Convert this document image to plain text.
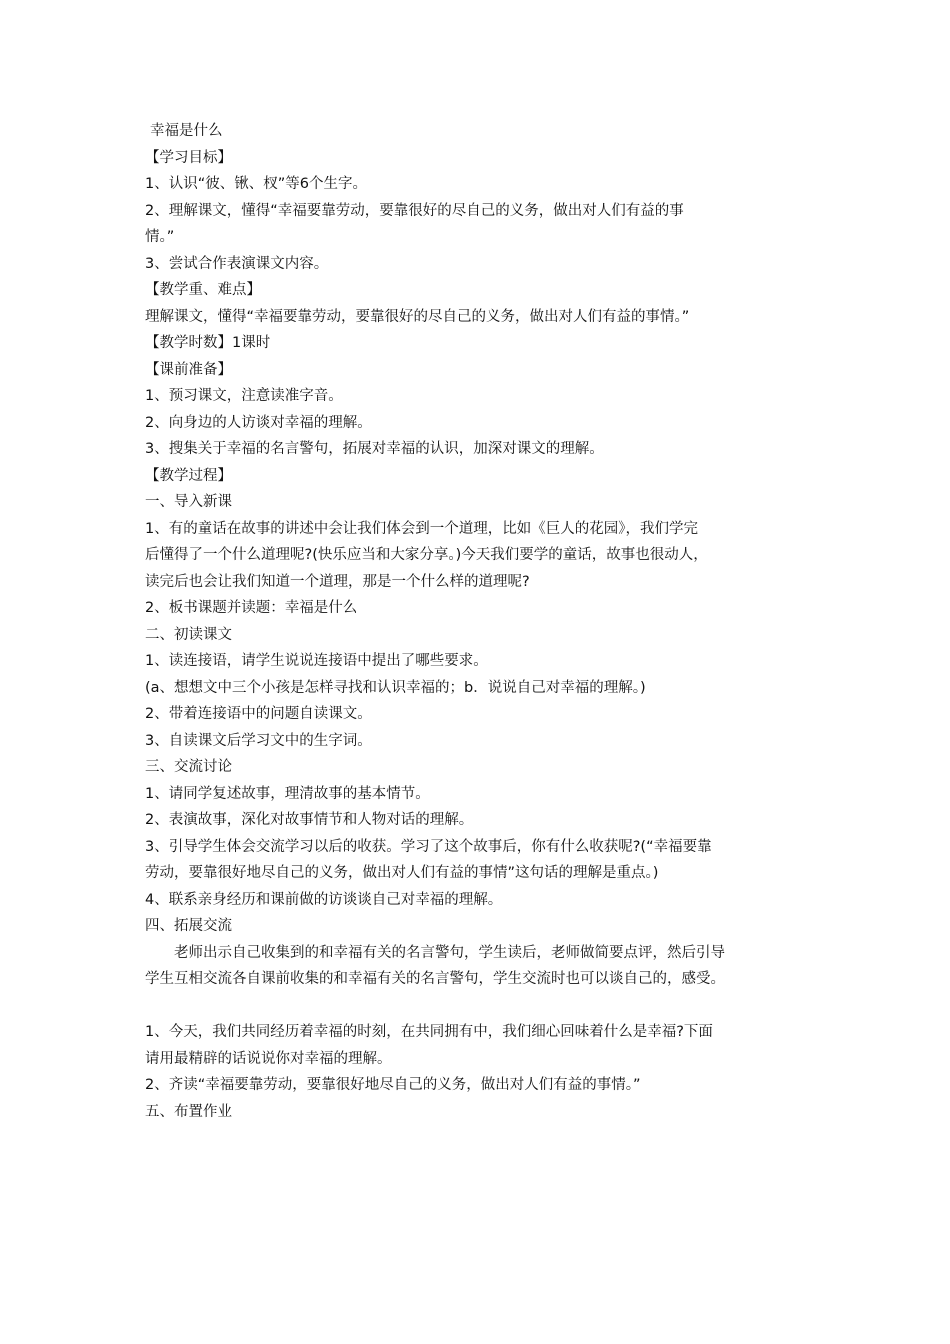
幸福是什么

【学习目标】

1、认识“彼、锹、杈”等6个生字。

2、理解课文，懂得“幸福要靠劳动，要靠很好的尽自己的义务，做出对人们有益的事

情。”

3、尝试合作表演课文内容。

【教学重、难点】

理解课文，懂得“幸福要靠劳动，要靠很好的尽自己的义务，做出对人们有益的事情。”

【教学时数】1课时

【课前准备】

1、预习课文，注意读准字音。

2、向身边的人访谈对幸福的理解。

3、搜集关于幸福的名言警句，拓展对幸福的认识，加深对课文的理解。

【教学过程】

一、导入新课

1、有的童话在故事的讲述中会让我们体会到一个道理，比如《巨人的花园》，我们学完

后懂得了一个什么道理呢?(快乐应当和大家分享。)今天我们要学的童话，故事也很动人，

读完后也会让我们知道一个道理，那是一个什么样的道理呢?

2、板书课题并读题：幸福是什么

二、初读课文

1、读连接语，请学生说说连接语中提出了哪些要求。

(a、想想文中三个小孩是怎样寻找和认识幸福的；b．说说自己对幸福的理解。)

2、带着连接语中的问题自读课文。

3、自读课文后学习文中的生字词。

三、交流讨论

1、请同学复述故事，理清故事的基本情节。

2、表演故事，深化对故事情节和人物对话的理解。

3、引导学生体会交流学习以后的收获。学习了这个故事后，你有什么收获呢?(“幸福要靠

劳动，要靠很好地尽自己的义务，做出对人们有益的事情”这句话的理解是重点。)

4、联系亲身经历和课前做的访谈谈自己对幸福的理解。

四、拓展交流

老师出示自己收集到的和幸福有关的名言警句，学生读后，老师做简要点评，然后引导

学生互相交流各自课前收集的和幸福有关的名言警句，学生交流时也可以谈自己的，感受。

1、今天，我们共同经历着幸福的时刻，在共同拥有中，我们细心回味着什么是幸福?下面

请用最精辟的话说说你对幸福的理解。

2、齐读“幸福要靠劳动，要靠很好地尽自己的义务，做出对人们有益的事情。”

五、布置作业
